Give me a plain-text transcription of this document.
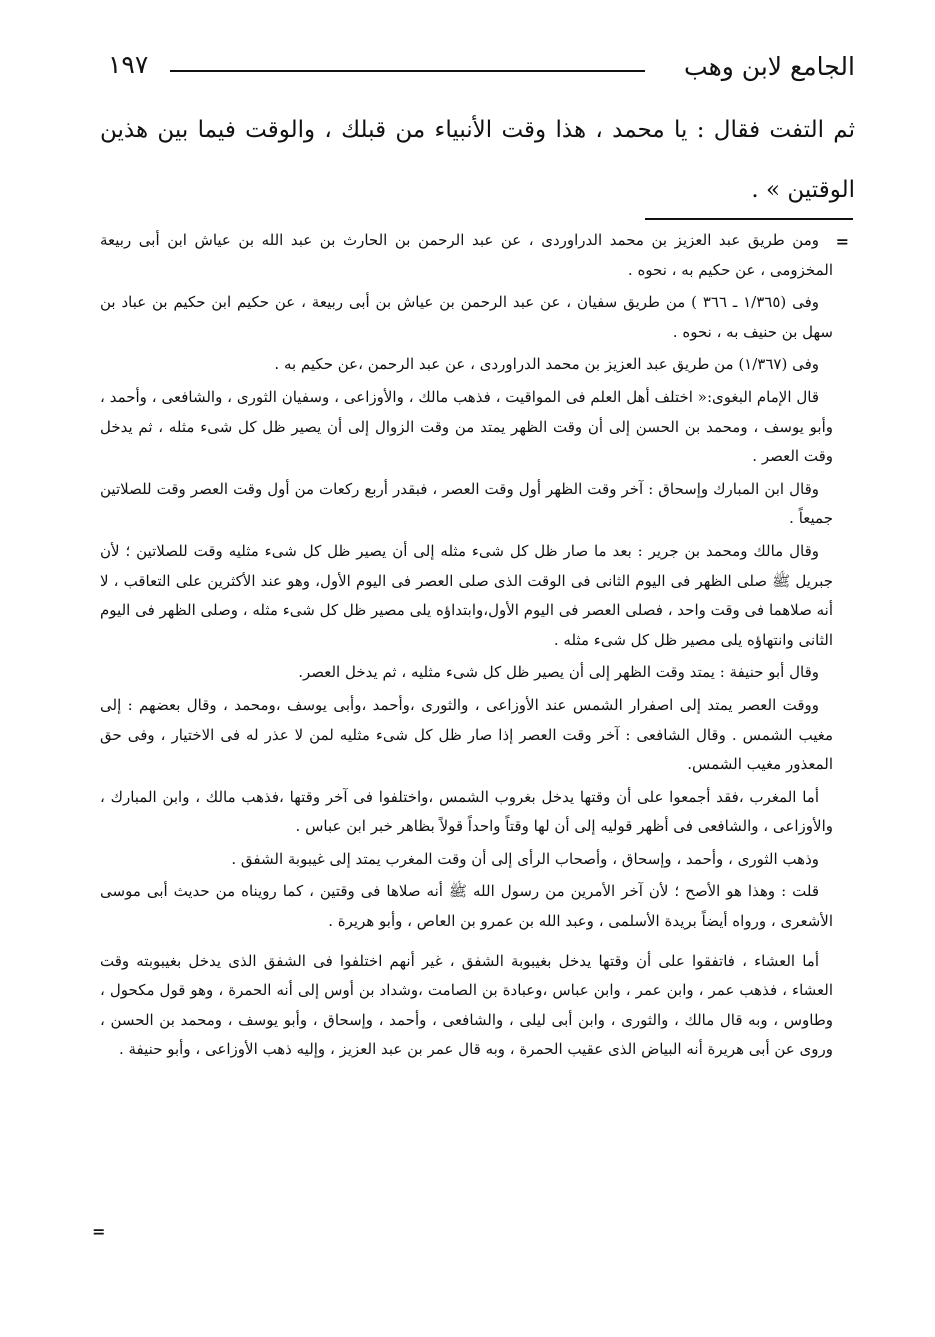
الجامع لابن وهب
١٩٧
ثم التفت فقال : يا محمد ، هذا وقت الأنبياء من قبلك ، والوقت فيما بين هذين الوقتين » .
=

ومن طريق عبد العزيز بن محمد الدراوردى ، عن عبد الرحمن بن الحارث بن عبد الله بن عياش ابن أبى ربيعة المخزومى ، عن حكيم به ، نحوه .

وفى (١/٣٦٥ ـ ٣٦٦ ) من طريق سفيان ، عن عبد الرحمن بن عياش بن أبى ربيعة ، عن حكيم ابن حكيم بن عباد بن سهل بن حنيف به ، نحوه .

وفى (١/٣٦٧) من طريق عبد العزيز بن محمد الدراوردى ، عن عبد الرحمن ،عن حكيم به .

قال الإمام البغوى:« اختلف أهل العلم فى المواقيت ، فذهب مالك ، والأوزاعى ، وسفيان الثورى ، والشافعى ، وأحمد ، وأبو يوسف ، ومحمد بن الحسن إلى أن وقت الظهر يمتد من وقت الزوال إلى أن يصير ظل كل شىء مثله ، ثم يدخل وقت العصر .

وقال ابن المبارك وإسحاق : آخر وقت الظهر أول وقت العصر ، فبقدر أربع ركعات من أول وقت العصر وقت للصلاتين جميعاً .

وقال مالك ومحمد بن جرير : بعد ما صار ظل كل شىء مثله إلى أن يصير ظل كل شىء مثليه وقت للصلاتين ؛ لأن جبريل ﷺ صلى الظهر فى اليوم الثانى فى الوقت الذى صلى العصر فى اليوم الأول، وهو عند الأكثرين على التعاقب ، لا أنه صلاهما فى وقت واحد ، فصلى العصر فى اليوم الأول،وابتداؤه يلى مصير ظل كل شىء مثله ، وصلى الظهر فى اليوم الثانى وانتهاؤه يلى مصير ظل كل شىء مثله .

وقال أبو حنيفة : يمتد وقت الظهر إلى أن يصير ظل كل شىء مثليه ، ثم يدخل العصر.

ووقت العصر يمتد إلى اصفرار الشمس عند الأوزاعى ، والثورى ،وأحمد ،وأبى يوسف ،ومحمد ، وقال بعضهم : إلى مغيب الشمس . وقال الشافعى : آخر وقت العصر إذا صار ظل كل شىء مثليه لمن لا عذر له فى الاختيار ، وفى حق المعذور مغيب الشمس.

أما المغرب ،فقد أجمعوا على أن وقتها يدخل بغروب الشمس ،واختلفوا فى آخر وقتها ،فذهب مالك ، وابن المبارك ، والأوزاعى ، والشافعى فى أظهر قوليه إلى أن لها وقتاً واحداً قولاً بظاهر خبر ابن عباس .

وذهب الثورى ، وأحمد ، وإسحاق ، وأصحاب الرأى إلى أن وقت المغرب يمتد إلى غيبوبة الشفق .

قلت : وهذا هو الأصح ؛ لأن آخر الأمرين من رسول الله ﷺ أنه صلاها فى وقتين ، كما رويناه من حديث أبى موسى الأشعرى ، ورواه أيضاً بريدة الأسلمى ، وعبد الله بن عمرو بن العاص ، وأبو هريرة .

أما العشاء ، فاتفقوا على أن وقتها يدخل بغيبوبة الشفق ، غير أنهم اختلفوا فى الشفق الذى يدخل بغيبوبته وقت العشاء ، فذهب عمر ، وابن عمر ، وابن عباس ،وعبادة بن الصامت ،وشداد بن أوس إلى أنه الحمرة ، وهو قول مكحول ، وطاوس ، وبه قال مالك ، والثورى ، وابن أبى ليلى ، والشافعى ، وأحمد ، وإسحاق ، وأبو يوسف ، ومحمد بن الحسن ، وروى عن أبى هريرة أنه البياض الذى عقيب الحمرة ، وبه قال عمر بن عبد العزيز ، وإليه ذهب الأوزاعى ، وأبو حنيفة .

=
